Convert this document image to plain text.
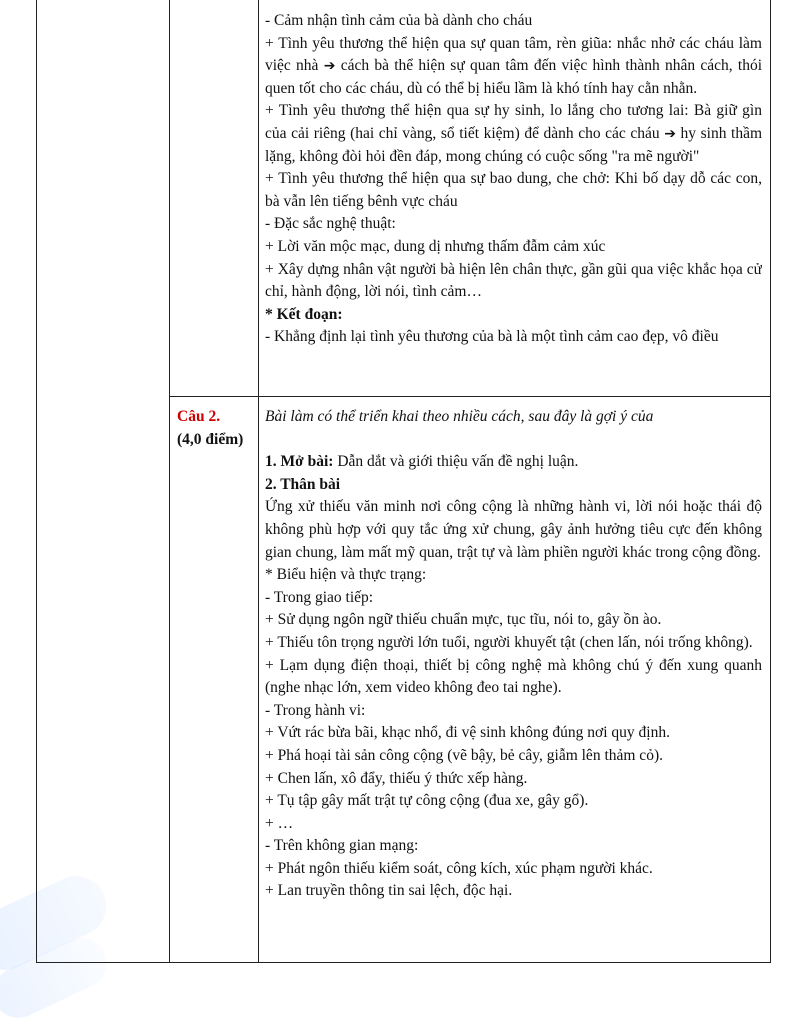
- Cảm nhận tình cảm của bà dành cho cháu
+ Tình yêu thương thể hiện qua sự quan tâm, rèn giũa: nhắc nhở các cháu làm việc nhà ➔ cách bà thể hiện sự quan tâm đến việc hình thành nhân cách, thói quen tốt cho các cháu, dù có thể bị hiểu lầm là khó tính hay cằn nhằn.
+ Tình yêu thương thể hiện qua sự hy sinh, lo lắng cho tương lai: Bà giữ gìn của cải riêng (hai chỉ vàng, sổ tiết kiệm) để dành cho các cháu ➔ hy sinh thầm lặng, không đòi hỏi đền đáp, mong chúng có cuộc sống "ra mẽ người"
+ Tình yêu thương thể hiện qua sự bao dung, che chở: Khi bố dạy dỗ các con, bà vẫn lên tiếng bênh vực cháu
- Đặc sắc nghệ thuật:
+ Lời văn mộc mạc, dung dị nhưng thấm đẫm cảm xúc
+ Xây dựng nhân vật người bà hiện lên chân thực, gần gũi qua việc khắc họa cử chỉ, hành động, lời nói, tình cảm…
* Kết đoạn:
- Khẳng định lại tình yêu thương của bà là một tình cảm cao đẹp, vô điều
Câu 2.
(4,0 điểm)
Bài làm có thể triển khai theo nhiều cách, sau đây là gợi ý của
1. Mở bài: Dẫn dắt và giới thiệu vấn đề nghị luận.
2. Thân bài
Ứng xử thiếu văn minh nơi công cộng là những hành vi, lời nói hoặc thái độ không phù hợp với quy tắc ứng xử chung, gây ảnh hưởng tiêu cực đến không gian chung, làm mất mỹ quan, trật tự và làm phiền người khác trong cộng đồng.
* Biểu hiện và thực trạng:
- Trong giao tiếp:
+ Sử dụng ngôn ngữ thiếu chuẩn mực, tục tĩu, nói to, gây ồn ào.
+ Thiếu tôn trọng người lớn tuổi, người khuyết tật (chen lấn, nói trống không).
+ Lạm dụng điện thoại, thiết bị công nghệ mà không chú ý đến xung quanh (nghe nhạc lớn, xem video không đeo tai nghe).
- Trong hành vi:
+ Vứt rác bừa bãi, khạc nhổ, đi vệ sinh không đúng nơi quy định.
+ Phá hoại tài sản công cộng (vẽ bậy, bẻ cây, giẫm lên thảm cỏ).
+ Chen lấn, xô đẩy, thiếu ý thức xếp hàng.
+ Tụ tập gây mất trật tự công cộng (đua xe, gây gổ).
+ …
- Trên không gian mạng:
+ Phát ngôn thiếu kiểm soát, công kích, xúc phạm người khác.
+ Lan truyền thông tin sai lệch, độc hại.
